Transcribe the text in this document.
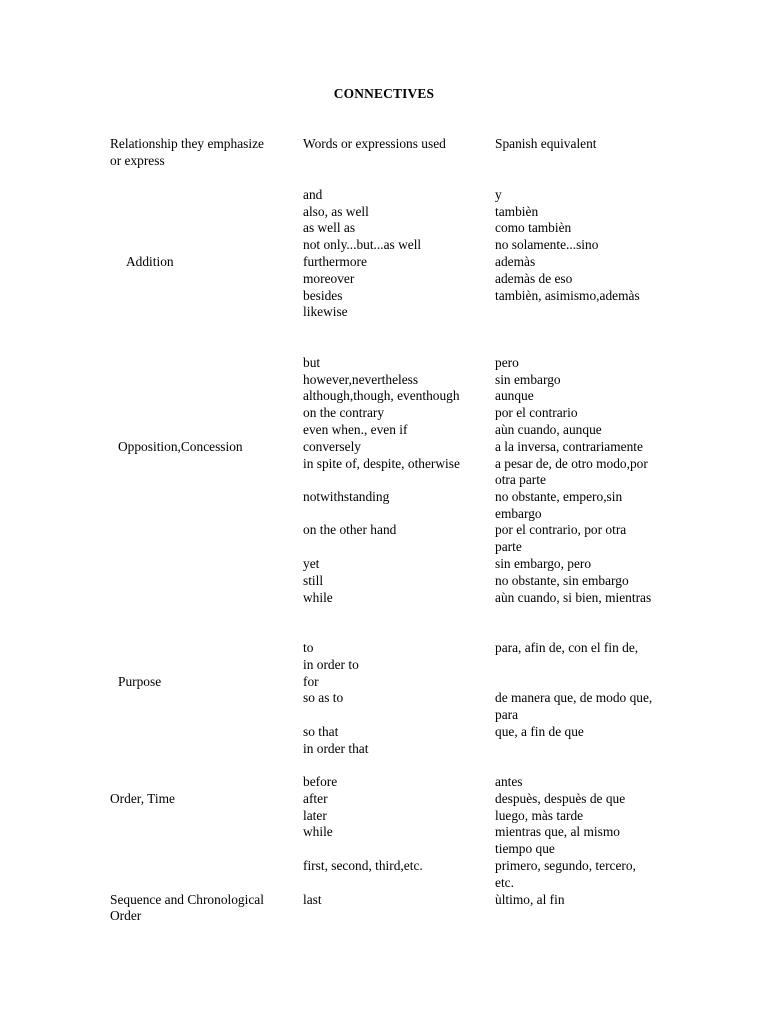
CONNECTIVES
Relationship they emphasize
or express
Words or expressions used	Spanish equivalent
Addition
and
also, as well
as well as
not only...but...as well
furthermore
moreover
besides
likewise
y
tambièn
como tambièn
no solamente...sino
ademàs
ademàs de eso
tambièn, asimismo,ademàs
Opposition,Concession
but
however,nevertheless
although,though, eventhough
on the contrary
even when., even if
conversely
in spite of, despite, otherwise
notwithstanding
on the other hand
yet
still
while
pero
sin embargo
aunque
por el contrario
aùn cuando, aunque
a la inversa, contrariamente
a pesar de, de otro modo,por
otra parte
no obstante, empero,sin
embargo
por el contrario, por otra
parte
sin embargo, pero
no obstante, sin embargo
aùn cuando, si bien, mientras
Purpose
to
in order to
for
so as to
so that
in order that
para, afin de, con el fin de,
de manera que, de modo que,
para
que, a fin de que
Order, Time
before
after
later
while
first, second, third,etc.
antes
despuès, despuès de que
luego, màs tarde
mientras que, al mismo
tiempo que
primero, segundo, tercero,
etc.
Sequence and Chronological
Order
last	ùltimo, al fin
